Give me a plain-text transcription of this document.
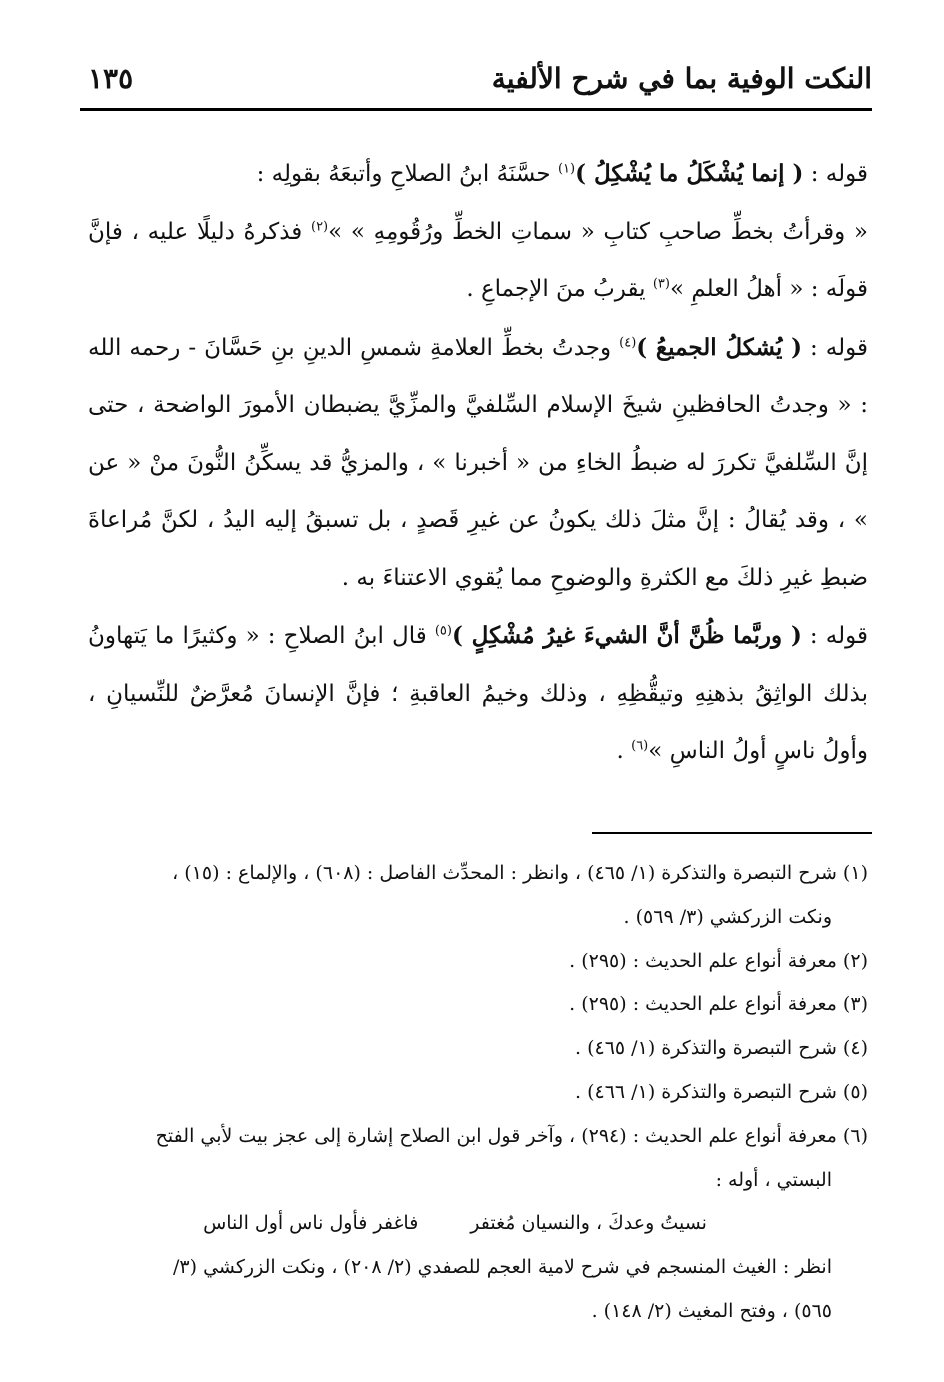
النكت الوفية بما في شرح الألفية
١٣٥

قوله : ( إنما يُشْكَلُ ما يُشْكِلُ )$^{(١)}$ حسَّنَهُ ابنُ الصلاحِ وأتبعَهُ بقولِه :

« وقرأتُ بخطِّ صاحبِ كتابِ « سماتِ الخطِّ ورُقُومِهِ » »$^{(٢)}$ فذكرهُ دليلًا عليه ، فإنَّ قولَه : « أهلُ العلمِ »$^{(٣)}$ يقربُ منَ الإجماعِ .

قوله : ( يُشكلُ الجميعُ )$^{(٤)}$ وجدتُ بخطِّ العلامةِ شمسِ الدينِ بنِ حَسَّانَ - رحمه الله : « وجدتُ الحافظينِ شيخَ الإسلام السِّلفيَّ والمزِّيَّ يضبطان الأمورَ الواضحة ، حتى إنَّ السِّلفيَّ تكررَ له ضبطُ الخاءِ من « أخبرنا » ، والمزيُّ قد يسكِّنُ النُّونَ منْ « عن » ، وقد يُقالُ : إنَّ مثلَ ذلك يكونُ عن غيرِ قَصدٍ ، بل تسبقُ إليه اليدُ ، لكنَّ مُراعاةَ ضبطِ غيرِ ذلكَ مع الكثرةِ والوضوحِ مما يُقوي الاعتناءَ به .

قوله : ( وربَّما ظُنَّ أنَّ الشيءَ غيرُ مُشْكِلٍ )$^{(٥)}$ قال ابنُ الصلاحِ : « وكثيرًا ما يَتهاونُ بذلك الواثِقُ بذهنِهِ وتيقُّظِهِ ، وذلك وخيمُ العاقبةِ ؛ فإنَّ الإنسانَ مُعرَّضٌ للنِّسيانِ ، وأولُ ناسٍ أولُ الناسِ »$^{(٦)}$ .

(١) شرح التبصرة والتذكرة (١/ ٤٦٥) ، وانظر : المحدِّث الفاصل : (٦٠٨) ، والإلماع : (١٥) ،
ونكت الزركشي (٣/ ٥٦٩) .
(٢) معرفة أنواع علم الحديث : (٢٩٥) .
(٣) معرفة أنواع علم الحديث : (٢٩٥) .
(٤) شرح التبصرة والتذكرة (١/ ٤٦٥) .
(٥) شرح التبصرة والتذكرة (١/ ٤٦٦) .
(٦) معرفة أنواع علم الحديث : (٢٩٤) ، وآخر قول ابن الصلاح إشارة إلى عجز بيت لأبي الفتح
البستي ، أوله :
نسيتُ وعدكَ ، والنسيان مُغتفرفاغفر فأول ناس أول الناس
انظر : الغيث المنسجم في شرح لامية العجم للصفدي (٢/ ٢٠٨) ، ونكت الزركشي (٣/
٥٦٥) ، وفتح المغيث (٢/ ١٤٨) .
